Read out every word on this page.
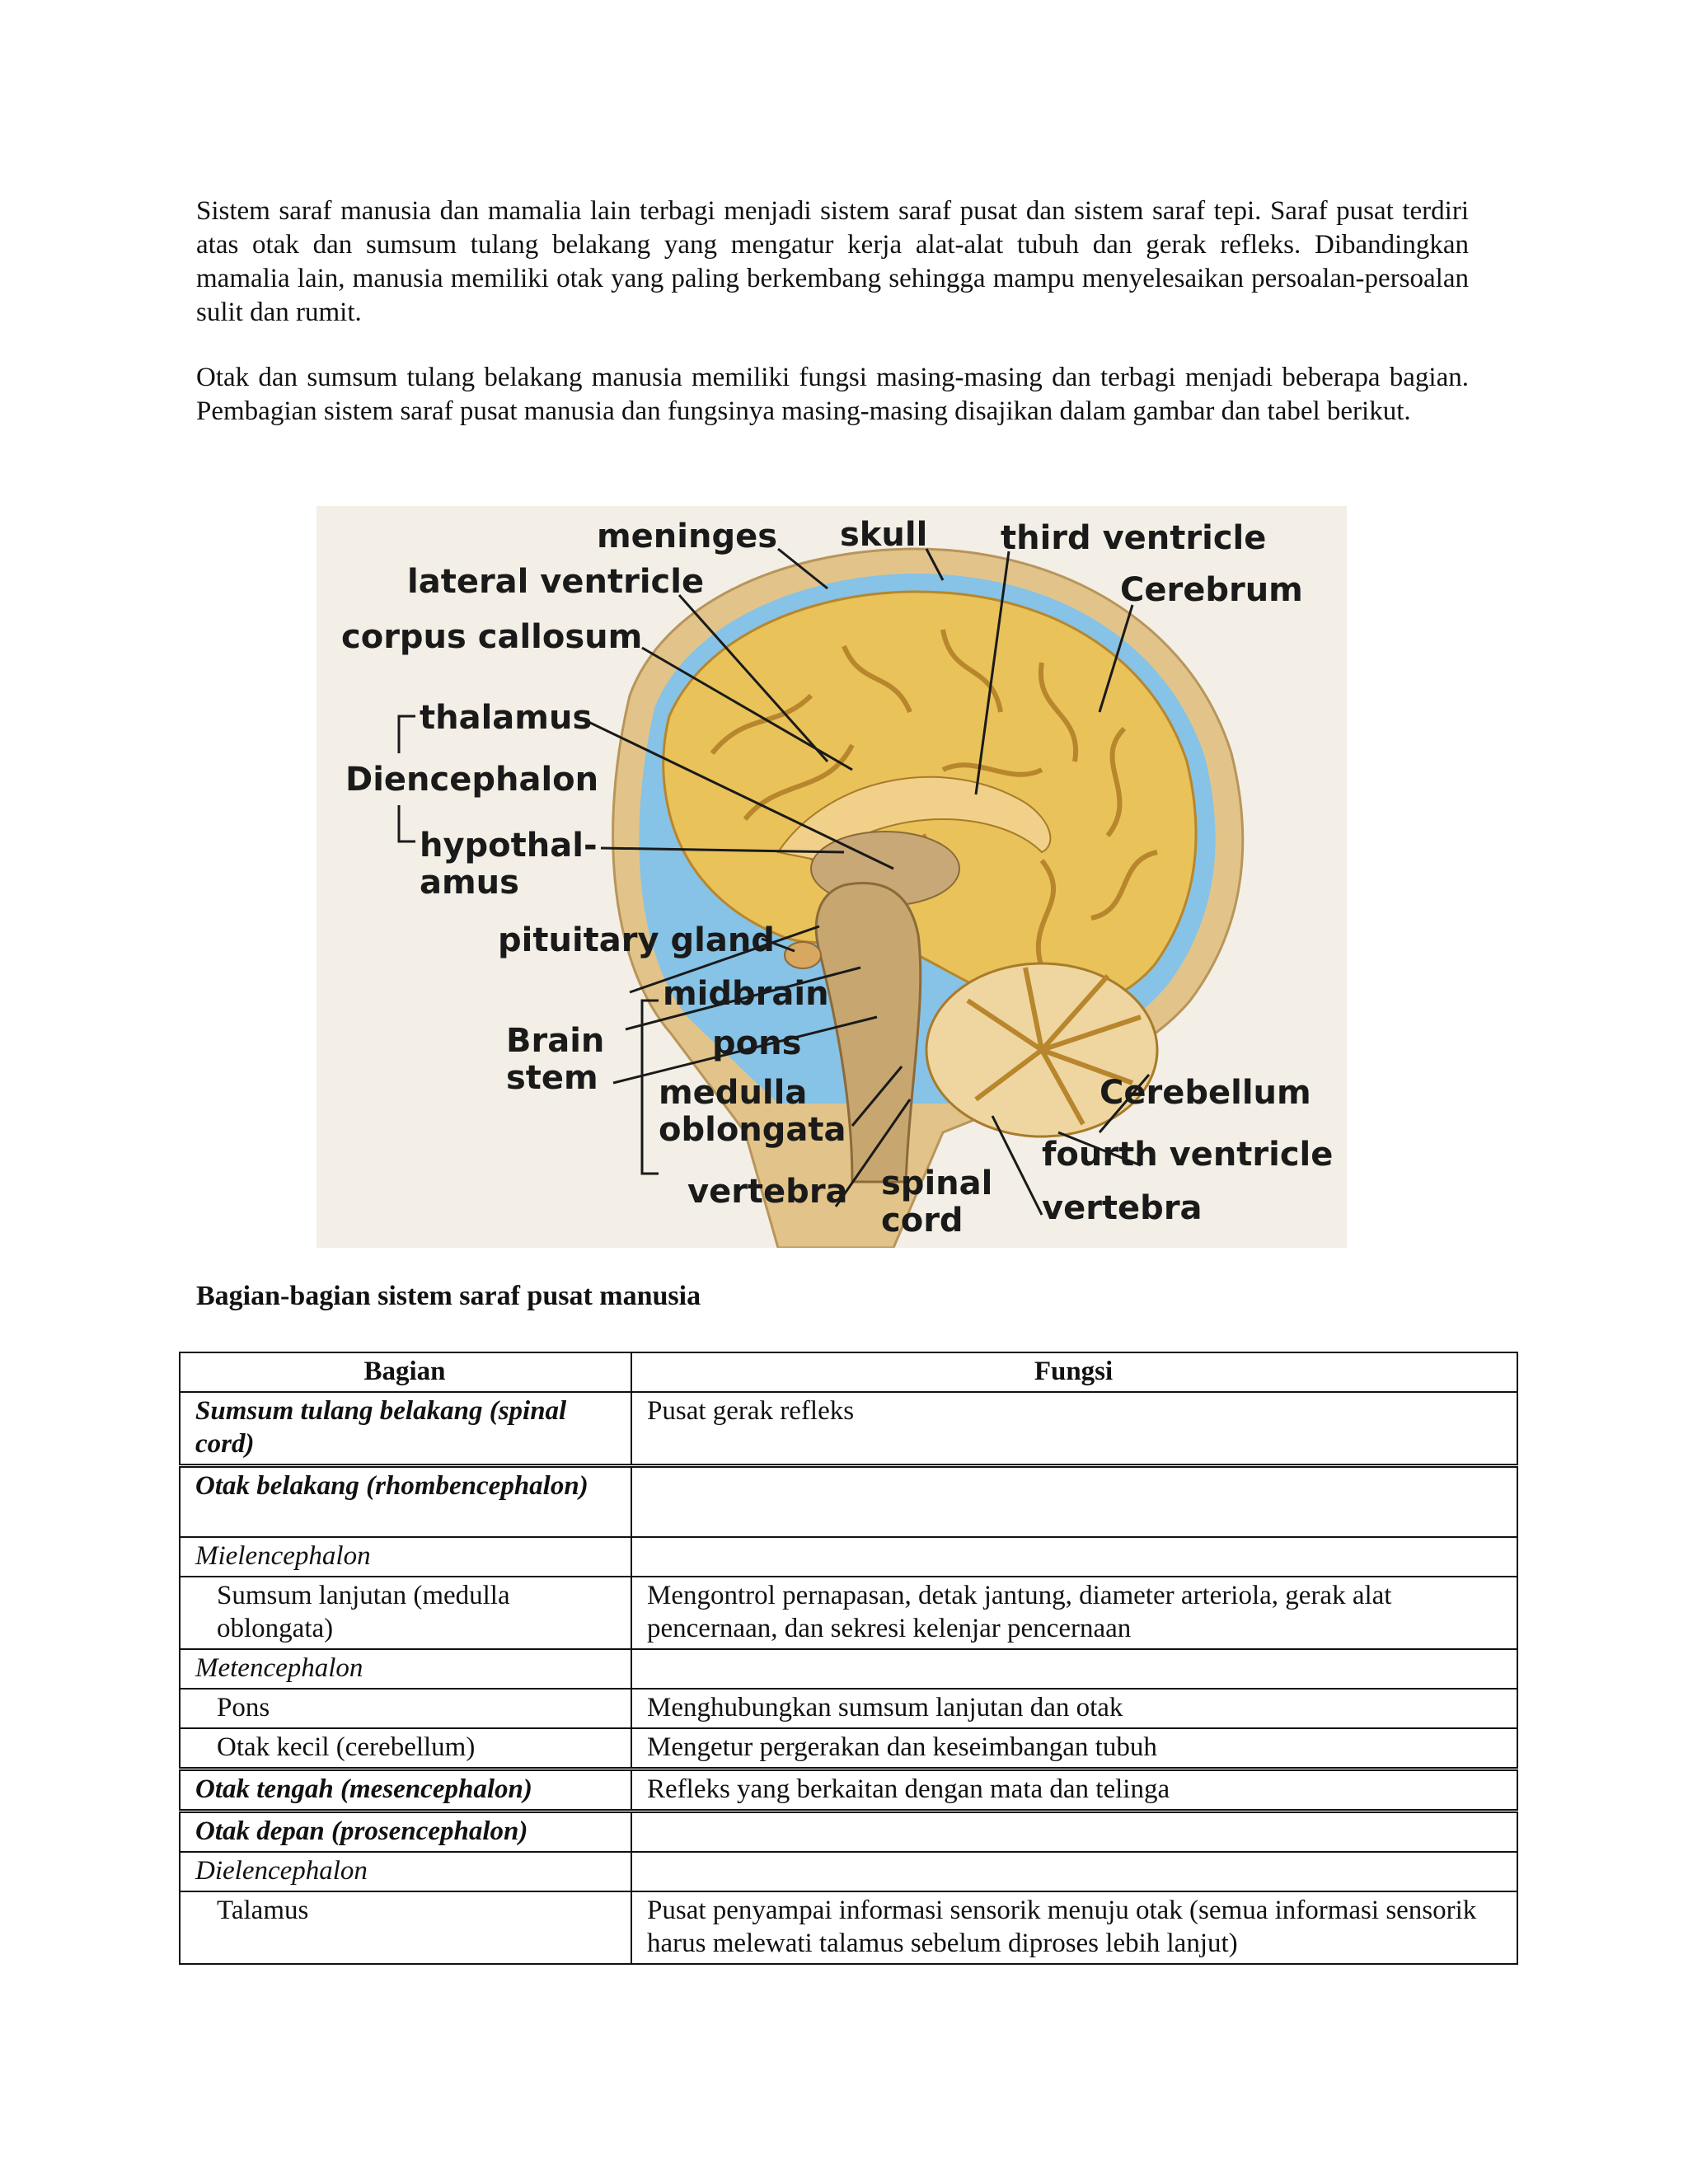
Sistem saraf manusia dan mamalia lain terbagi menjadi sistem saraf pusat dan sistem saraf tepi. Saraf pusat terdiri atas otak dan sumsum tulang belakang yang mengatur kerja alat-alat tubuh dan gerak refleks. Dibandingkan mamalia lain, manusia memiliki otak yang paling berkembang sehingga mampu menyelesaikan persoalan-persoalan sulit dan rumit.

Otak dan sumsum tulang belakang manusia memiliki fungsi masing-masing dan terbagi menjadi beberapa bagian. Pembagian sistem saraf pusat manusia dan fungsinya masing-masing disajikan dalam gambar dan tabel berikut.

meninges skull third ventricle
lateral ventricle	Cerebrum
corpus callosum
thalamus
Diencephalon
hypothal-
amus
pituitary gland
midbrain
Brain
stem
pons
medulla
oblongata
Cerebellum
fourth ventricle
vertebra spinal
cord vertebra

Bagian-bagian sistem saraf pusat manusia

Bagian	Fungsi
Sumsum tulang belakang (spinal cord)	Pusat gerak refleks
Otak belakang (rhombencephalon)	
Mielencephalon	
Sumsum lanjutan (medulla oblongata)	Mengontrol pernapasan, detak jantung, diameter arteriola, gerak alat pencernaan, dan sekresi kelenjar pencernaan
Metencephalon	
Pons	Menghubungkan sumsum lanjutan dan otak
Otak kecil (cerebellum)	Mengetur pergerakan dan keseimbangan tubuh
Otak tengah (mesencephalon)	Refleks yang berkaitan dengan mata dan telinga
Otak depan (prosencephalon)	
Dielencephalon	
Talamus	Pusat penyampai informasi sensorik menuju otak (semua informasi sensorik harus melewati talamus sebelum diproses lebih lanjut)
